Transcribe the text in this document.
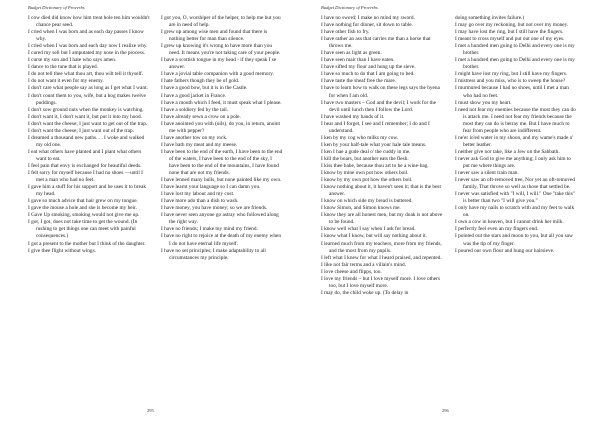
Budget Dictionary of Proverbs

I cow died did know how him treat hole ten him wouldn't chance pear seed.

I cried when I was born and as each day passes I know why.

I cried when I was born and each day now I realize why.

I cured my sell but I amputated my nose in the process.

I curse my son and I hate who says amen.

I dance to the tune that is played.

I do not tell thee what thou art, thou wilt tell it thyself.

I do not want it even for my enemy.

I don't care what people say as long as I get what I want.

I don't count them to you, wife, but a hog makes twelve puddings.

I don't sow ground nuts when the monkey is watching.

I don't want it, I don't want it, but put it into my hood.

I don't want the cheese; I just want to get out of the trap.

I don't want the cheese; I just want out of the trap.

I dreamed a thousand new paths. . . I woke and walked my old one.

I eat what others have planted and I plant what others want to eat.

I feel pain that envy is exchanged for beautiful deeds.

I felt sorry for myself because I had no shoes —until I met a man who had no feet.

I gave him a stuff for his support and he uses it to break my head.

I gave so much advice that hair grew on my tongue.

I gave the mouse a hole and she is become my heir.

I Gave Up smoking, smoking would not give me up.

I got, I got, does not take time to get the wound. (In rushing to get things one can meet with painful consequences.)

I got a present to the mother but I think of the daughter.

I give thee flight without wings.

I got you, O, worshiper of the helper, to help me but you are in need of help.

I grew up among wise men and found that there is nothing better for man than silence.

I grew up knowing it's wrong to have more than you need. It means you're not taking care of your people.

I have a scottish tongue in my head - if they speak I se answer.

I have a jovial table companion with a good memory.

I hate fathers though they be of gold.

I have a good bow, but it is in the Castle.

I have a good jacket in France.

I have a mouth which I feed, it must speak what I please.

I have a soldiery fed by the tail.

I have already sewn a crow on a pole.

I have anointed you with (oils), do you, in return, anoint me with pepper?

I have another tow on my rock.

I have bath my meat and my meese.

I have been to the end of the earth, I have been to the end of the waters, I have been to the end of the sky, I have been to the end of the mountains, I have found none that are not my friends.

I have lenned many bulls, but none painted like my own.

I have learnt your language so I can damn you.

I have lost my labour and my cost.

I have more ado than a dish to wash.

I have money, you have money; so we are friends.

I have never seen anyone go astray who followed along the right way.

I have no friends; I make my mind my friend.

I have no right to rejoice at the death of my enemy when I do not have eternal life myself.

I have no set principles; I make adaptability to all circumstances my principle.

295
Budget Dictionary of Proverbs

I have no sword; I make no mind my sword.

I have nothing for dinner, sit down to table.

I have other fish to fry.

I have rather an ass that carries me than a horse that throws me.

I have seen as light as green.

I have seen mair than I have eaten.

I have sifted my flour and hung up the sieve.

I have so much to do that I am going to bed.

I have taste the sheaf free the mare.

I have to learn how to walk on these legs says the hyena for when I am old.

I have two masters – God and the devil; I work for the devil until lunch then I follow the Lord.

I have washed my hands of it.

I hear and I forget, I see and I remember; I do and I understand.

I ken by my cog who milks my cow.

I ken by your half-tale what your hale tale means.

I ken I hae a gude deal o' the cuddy in me.

I kill the boars, but another eats the flesh.

I kiss thee babe, because thou art to be a wine-bag.

I know by mine own pot how others boil.

I know by my own pot how the others boil.

I know nothing about it, it haven't seen it; that is the best answer.

I know on which side my bread is buttered.

I know Simon, and Simon knows me.

I know they are all honest men, but my doak is not above to be found.

I know well what I say when I ask for bread.

I know what I know, but will say nothing about it.

I learned much from my teachers, more from my friends, and the most from my pupils.

I left what I knew for what I heard praised, and repented.

I like not fair terms and a villain's mind.

I love cheese and flipps, too.

I love my friends – but I love myself more. I love others too, but I love myself more.

I may do, the child woke up. (To delay in

doing something invites failure.)

I may go over my reckoning, but not over my money.

I may have lost the ring, but I still have the fingers.

I meant to cross myself and put out one of my eyes.

I met a hundred men going to Delhi and every one is my brother.

I met a hundred men going to Delhi and every one is my brother.

I might have lost my ring, but I still have my fingers.

I mistress and you miss, who is to sweep the house?

I murmured because I had no shoes, until I met a man who had no feet.

I must show you my heart.

I need not fear my enemies because the most they can do is attack me. I need not fear my friends because the most they can do is betray me. But I have much to fear from people who are indifferent.

I ne'er lo'ed water in my shoon, and my wame's made o' better leather.

I neither give nor take, like a Jew on the Sabbath.

I never ask God to give me anything; I only ask him to put me where things are.

I never saw a silent train man.

I never saw an oft-removed tree, Nor yet an oft-removed family, That throve so well as those that settled be.

I never was satisfied with "I will, I will." One "take this" is better than two "I will give you."

I only have my nails to scratch with and my feet to walk on.

I own a cow in heaven, but I cannot drink her milk.

I perfectly feel even an my fingers end.

I pointed out the stars and moon to you, but all you saw was the tip of my finger.

I poured our own flour and hung our hairsieve.

296
